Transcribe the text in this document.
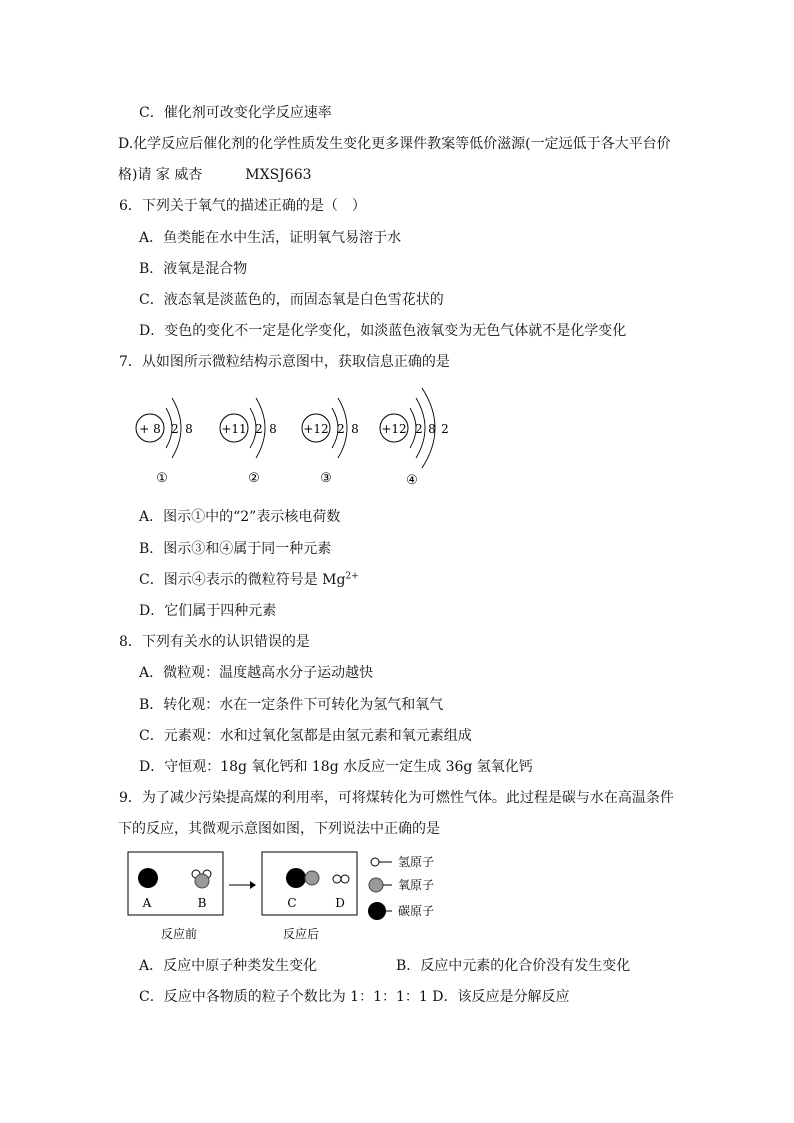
C．催化剂可改变化学反应速率
D.化学反应后催化剂的化学性质发生变化更多课件教案等低价滋源(一定远低于各大平台价
格)请 家 威杏	MXSJ663
6．下列关于氧气的描述正确的是（　）
A．鱼类能在水中生活，证明氧气易溶于水
B．液氧是混合物
C．液态氧是淡蓝色的，而固态氧是白色雪花状的
D．变色的变化不一定是化学变化，如淡蓝色液氧变为无色气体就不是化学变化
7．从如图所示微粒结构示意图中，获取信息正确的是
+ 8 2 8
①
+11 2 8
②
+12 2 8
③
+12 2 8 2
④
A．图示①中的“2”表示核电荷数
B．图示③和④属于同一种元素
C．图示④表示的微粒符号是 $Mg^{2+}$
D．它们属于四种元素
8．下列有关水的认识错误的是
A．微粒观：温度越高水分子运动越快
B．转化观：水在一定条件下可转化为氢气和氧气
C．元素观：水和过氧化氢都是由氢元素和氧元素组成
D．守恒观：18g 氧化钙和 18g 水反应一定生成 36g 氢氧化钙
9．为了减少污染提高煤的利用率，可将煤转化为可燃性气体。此过程是碳与水在高温条件
下的反应，其微观示意图如图，下列说法中正确的是
A	B	C	D
反应前	反应后
氢原子
氧原子
碳原子
A．反应中原子种类发生变化	B．反应中元素的化合价没有发生变化
C．反应中各物质的粒子个数比为 1：1：1：1 D．该反应是分解反应
